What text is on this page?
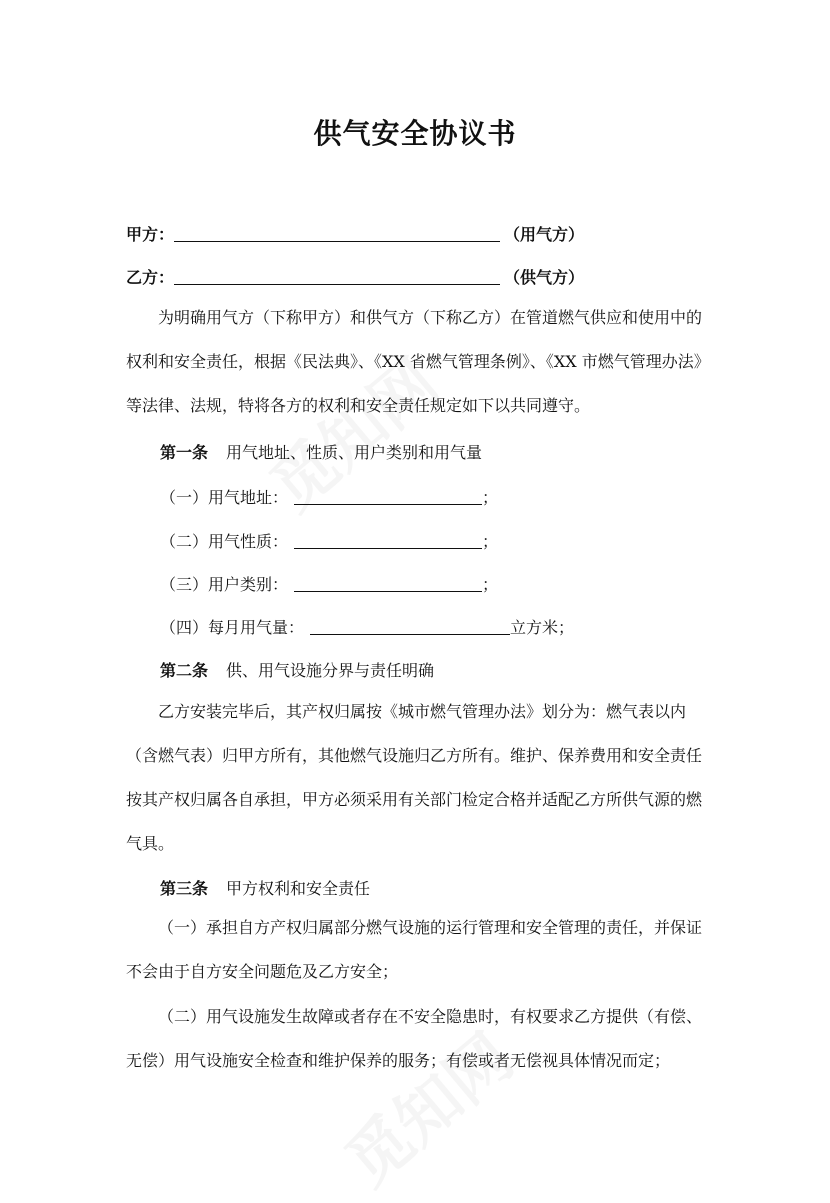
供气安全协议书
甲方：	（用气方）
乙方：	（供气方）

为明确用气方（下称甲方）和供气方（下称乙方）在管道燃气供应和使用中的权利和安全责任，根据《民法典》、《XX 省燃气管理条例》、《XX 市燃气管理办法》等法律、法规，特将各方的权利和安全责任规定如下以共同遵守。

第一条 用气地址、性质、用户类别和用气量
（一）用气地址：	；
（二）用气性质：	；
（三）用户类别：	；
（四）每月用气量：	立方米；
第二条 供、用气设施分界与责任明确

乙方安装完毕后，其产权归属按《城市燃气管理办法》划分为：燃气表以内（含燃气表）归甲方所有，其他燃气设施归乙方所有。维护、保养费用和安全责任按其产权归属各自承担，甲方必须采用有关部门检定合格并适配乙方所供气源的燃气具。

第三条 甲方权利和安全责任

（一）承担自方产权归属部分燃气设施的运行管理和安全管理的责任，并保证不会由于自方安全问题危及乙方安全；

（二）用气设施发生故障或者存在不安全隐患时，有权要求乙方提供（有偿、无偿）用气设施安全检查和维护保养的服务；有偿或者无偿视具体情况而定；
